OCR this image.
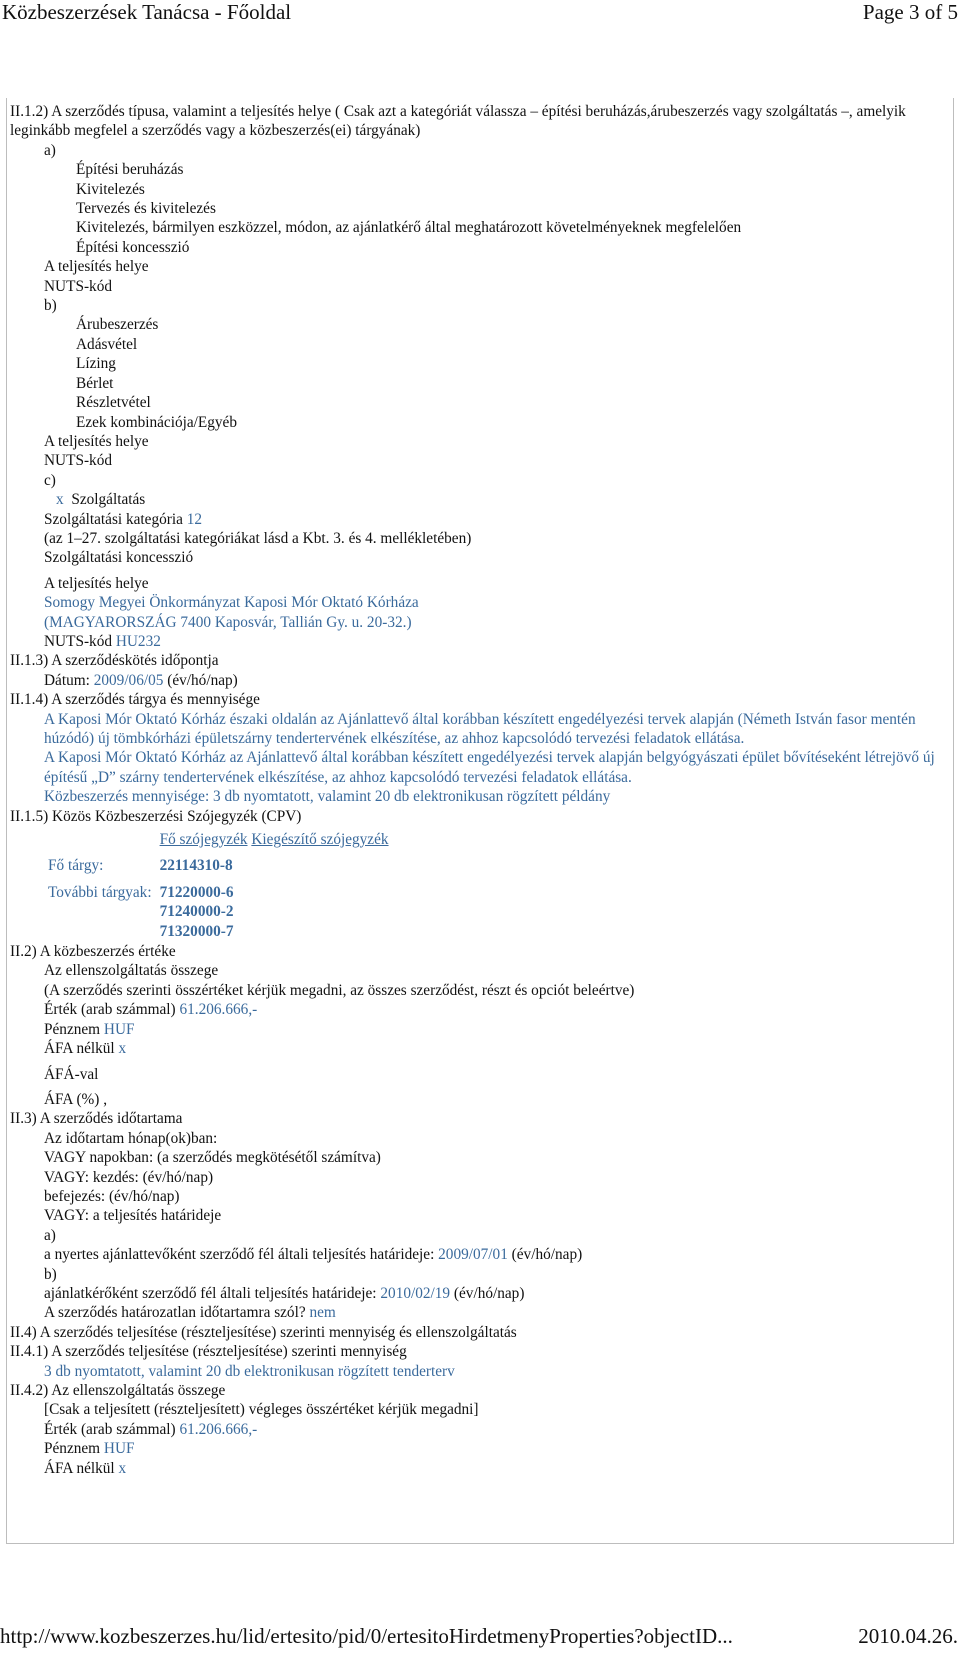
Közbeszerzések Tanácsa - Főoldal	Page 3 of 5

II.1.2) A szerződés típusa, valamint a teljesítés helye ( Csak azt a kategóriát válassza – építési beruházás,árubeszerzés vagy szolgáltatás –, amelyik leginkább megfelel a szerződés vagy a közbeszerzés(ei) tárgyának)

a)

Építési beruházás

Kivitelezés

Tervezés és kivitelezés

Kivitelezés, bármilyen eszközzel, módon, az ajánlatkérő által meghatározott követelményeknek megfelelően

Építési koncesszió

A teljesítés helye

NUTS-kód

b)

Árubeszerzés

Adásvétel

Lízing

Bérlet

Részletvétel

Ezek kombinációja/Egyéb

A teljesítés helye

NUTS-kód

c)

x Szolgáltatás

Szolgáltatási kategória 12

(az 1–27. szolgáltatási kategóriákat lásd a Kbt. 3. és 4. mellékletében)

Szolgáltatási koncesszió

A teljesítés helye

Somogy Megyei Önkormányzat Kaposi Mór Oktató Kórháza

(MAGYARORSZÁG 7400 Kaposvár, Tallián Gy. u. 20-32.)

NUTS-kód HU232

II.1.3) A szerződéskötés időpontja

Dátum: 2009/06/05 (év/hó/nap)

II.1.4) A szerződés tárgya és mennyisége

A Kaposi Mór Oktató Kórház északi oldalán az Ajánlattevő által korábban készített engedélyezési tervek alapján (Németh István fasor mentén húzódó) új tömbkórházi épületszárny tendertervének elkészítése, az ahhoz kapcsolódó tervezési feladatok ellátása.

A Kaposi Mór Oktató Kórház az Ajánlattevő által korábban készített engedélyezési tervek alapján belgyógyászati épület bővítéseként létrejövő új építésű „D” szárny tendertervének elkészítése, az ahhoz kapcsolódó tervezési feladatok ellátása.

Közbeszerzés mennyisége: 3 db nyomtatott, valamint 20 db elektronikusan rögzített példány

II.1.5) Közös Közbeszerzési Szójegyzék (CPV)

	Fő szójegyzék Kiegészítő szójegyzék
Fő tárgy:	22114310-8
További tárgyak:	71220000-6
71240000-2
71320000-7

II.2) A közbeszerzés értéke

Az ellenszolgáltatás összege

(A szerződés szerinti összértéket kérjük megadni, az összes szerződést, részt és opciót beleértve)

Érték (arab számmal) 61.206.666,-

Pénznem HUF

ÁFA nélkül x

ÁFÁ-val

ÁFA (%) ,

II.3) A szerződés időtartama

Az időtartam hónap(ok)ban:

VAGY napokban: (a szerződés megkötésétől számítva)

VAGY: kezdés: (év/hó/nap)

befejezés: (év/hó/nap)

VAGY: a teljesítés határideje

a)

a nyertes ajánlattevőként szerződő fél általi teljesítés határideje: 2009/07/01 (év/hó/nap)

b)

ajánlatkérőként szerződő fél általi teljesítés határideje: 2010/02/19 (év/hó/nap)

A szerződés határozatlan időtartamra szól? nem

II.4) A szerződés teljesítése (részteljesítése) szerinti mennyiség és ellenszolgáltatás

II.4.1) A szerződés teljesítése (részteljesítése) szerinti mennyiség

3 db nyomtatott, valamint 20 db elektronikusan rögzített tenderterv

II.4.2) Az ellenszolgáltatás összege

[Csak a teljesített (részteljesített) végleges összértéket kérjük megadni]

Érték (arab számmal) 61.206.666,-

Pénznem HUF

ÁFA nélkül x

http://www.kozbeszerzes.hu/lid/ertesito/pid/0/ertesitoHirdetmenyProperties?objectID...	2010.04.26.
